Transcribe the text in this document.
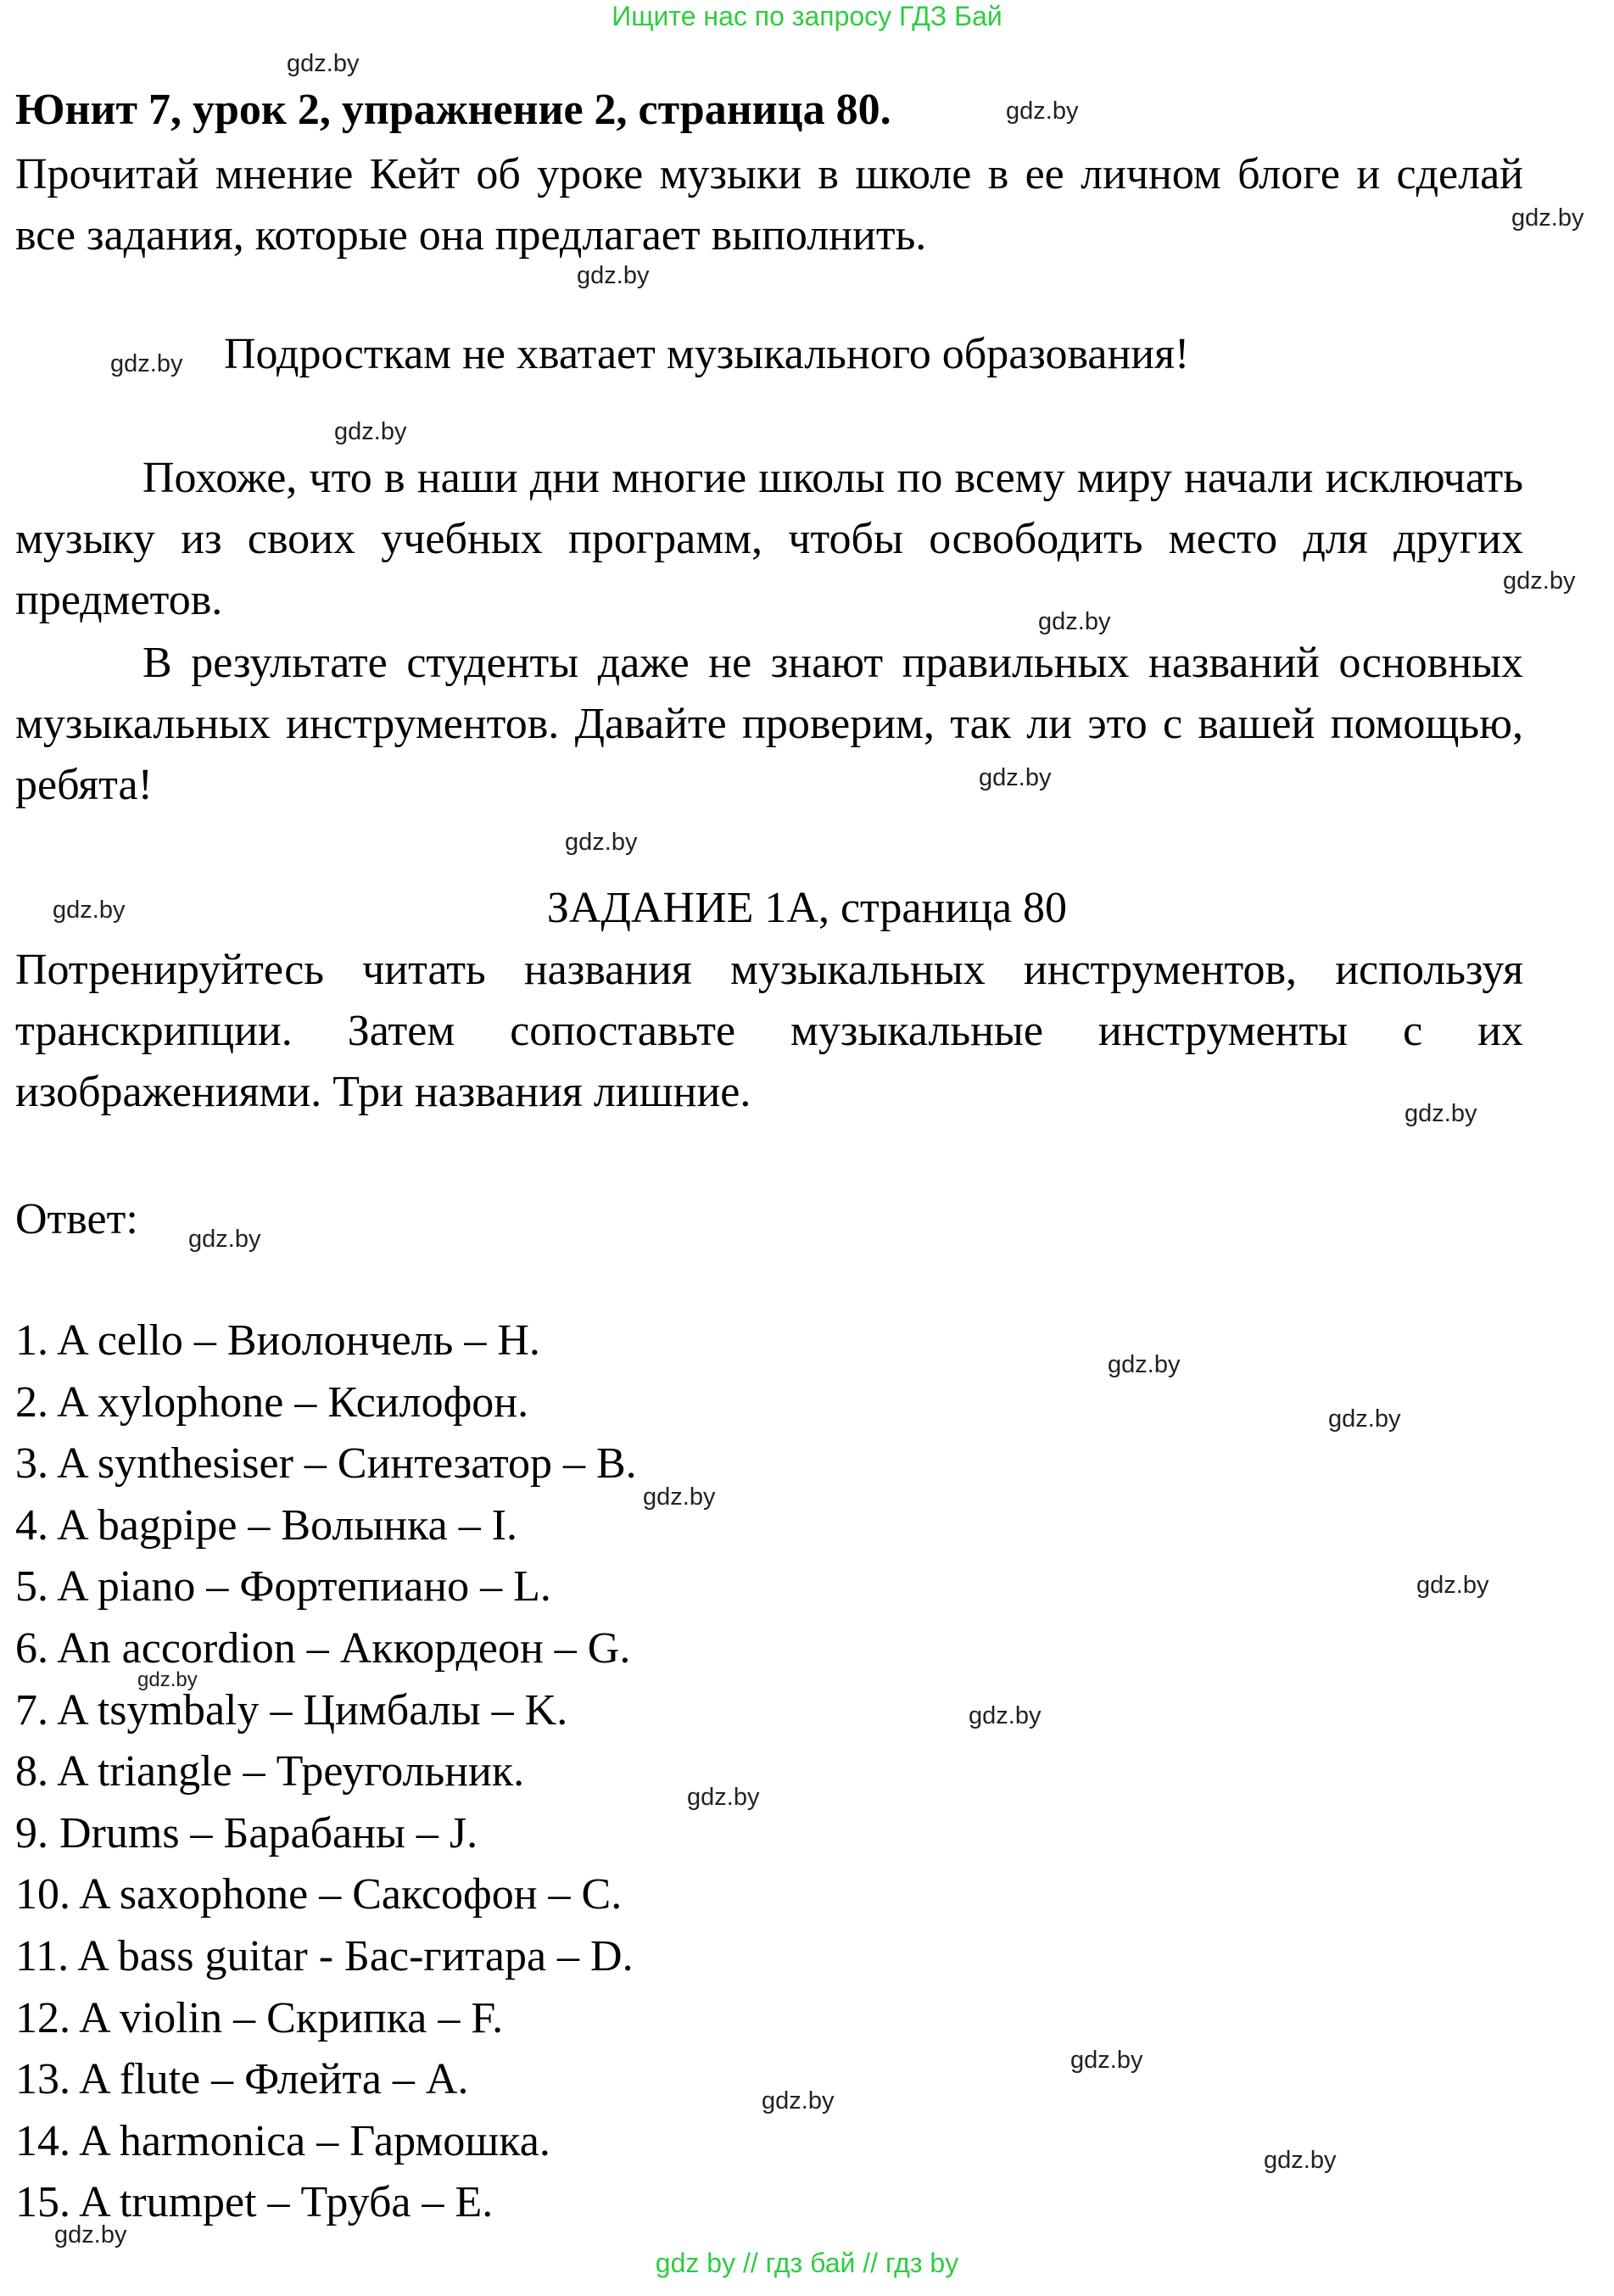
Ищите нас по запросу ГДЗ Бай
Юнит 7, урок 2, упражнение 2, страница 80.

Прочитай мнение Кейт об уроке музыки в школе в ее личном блоге и сделай все задания, которые она предлагает выполнить.

Подросткам не хватает музыкального образования!

Похоже, что в наши дни многие школы по всему миру начали исключать музыку из своих учебных программ, чтобы освободить место для других предметов.

В результате студенты даже не знают правильных названий основных музыкальных инструментов. Давайте проверим, так ли это с вашей помощью, ребята!

ЗАДАНИЕ 1А, страница 80

Потренируйтесь читать названия музыкальных инструментов, используя транскрипции. Затем сопоставьте музыкальные инструменты с их изображениями. Три названия лишние.

Ответ:
1. A cello – Виолончель – H.
2. A xylophone – Ксилофон.
3. A synthesiser – Синтезатор – B.
4. A bagpipe – Волынка – I.
5. A piano – Фортепиано – L.
6. An accordion – Аккордеон – G.
7. A tsymbaly – Цимбалы – K.
8. A triangle – Треугольник.
9. Drums – Барабаны – J.
10. A saxophone – Саксофон – C.
11. A bass guitar - Бас-гитара – D.
12. A violin – Скрипка – F.
13. A flute – Флейта – A.
14. A harmonica – Гармошка.
15. A trumpet – Труба – E.
gdz.by
gdz.by
gdz.by
gdz.by
gdz.by
gdz.by
gdz.by
gdz.by
gdz.by
gdz.by
gdz.by
gdz.by
gdz.by
gdz.by
gdz.by
gdz.by
gdz.by
gdz.by
gdz.by
gdz.by
gdz.by
gdz.by
gdz.by
gdz.by
gdz by // гдз бай // гдз by
